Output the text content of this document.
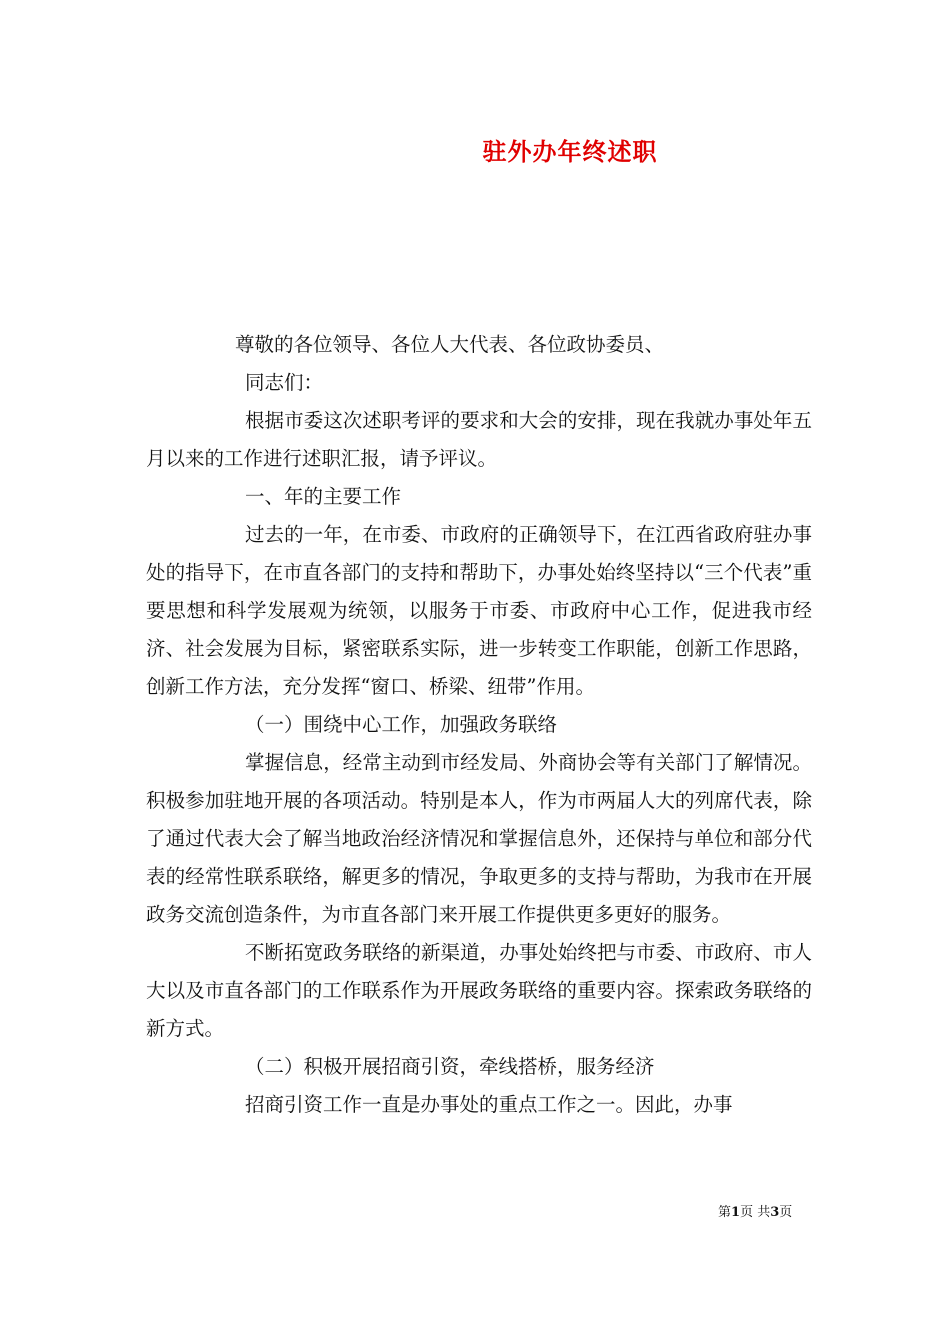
驻外办年终述职

尊敬的各位领导、各位人大代表、各位政协委员、

同志们：

根据市委这次述职考评的要求和大会的安排，现在我就办事处年五月以来的工作进行述职汇报，请予评议。

一、年的主要工作

过去的一年，在市委、市政府的正确领导下，在江西省政府驻办事处的指导下，在市直各部门的支持和帮助下，办事处始终坚持以“三个代表”重要思想和科学发展观为统领，以服务于市委、市政府中心工作，促进我市经济、社会发展为目标，紧密联系实际，进一步转变工作职能，创新工作思路，创新工作方法，充分发挥“窗口、桥梁、纽带”作用。

（一）围绕中心工作，加强政务联络

掌握信息，经常主动到市经发局、外商协会等有关部门了解情况。积极参加驻地开展的各项活动。特别是本人，作为市两届人大的列席代表，除了通过代表大会了解当地政治经济情况和掌握信息外，还保持与单位和部分代表的经常性联系联络，解更多的情况，争取更多的支持与帮助，为我市在开展政务交流创造条件，为市直各部门来开展工作提供更多更好的服务。

不断拓宽政务联络的新渠道，办事处始终把与市委、市政府、市人大以及市直各部门的工作联系作为开展政务联络的重要内容。探索政务联络的新方式。

（二）积极开展招商引资，牵线搭桥，服务经济

招商引资工作一直是办事处的重点工作之一。因此，办事

第1页 共3页
